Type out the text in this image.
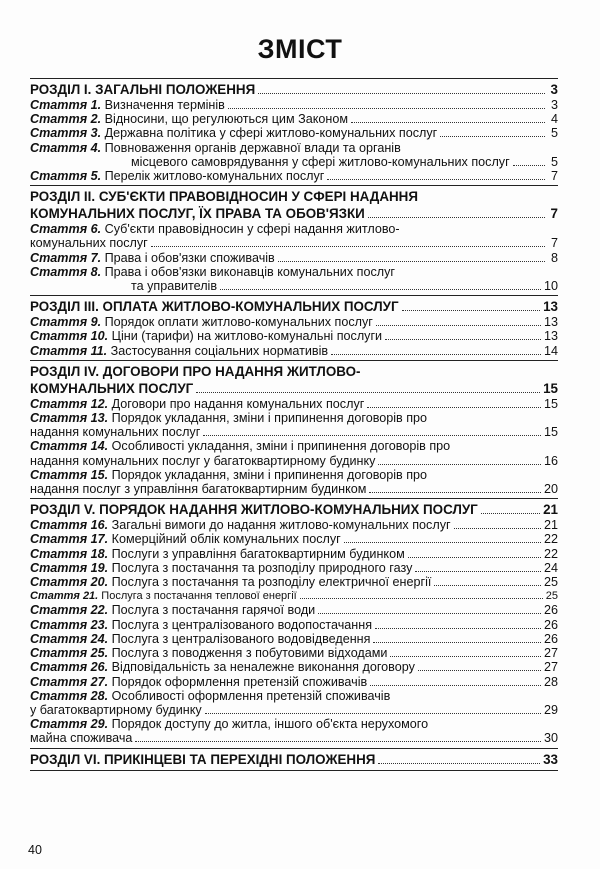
ЗМІСТ
РОЗДІЛ І. ЗАГАЛЬНІ ПОЛОЖЕННЯ	3
Стаття 1. Визначення термінів	3
Стаття 2. Відносини, що регулюються цим Законом	4
Стаття 3. Державна політика у сфері житлово-комунальних послуг	5
Стаття 4. Повноваження органів державної влади та органів
місцевого самоврядування у сфері житлово-комунальних послуг	5
Стаття 5. Перелік житлово-комунальних послуг	7
РОЗДІЛ ІІ. СУБ'ЄКТИ ПРАВОВІДНОСИН У СФЕРІ НАДАННЯ
КОМУНАЛЬНИХ ПОСЛУГ, ЇХ ПРАВА ТА ОБОВ'ЯЗКИ	7
Стаття 6. Суб'єкти правовідносин у сфері надання житлово-
комунальних послуг	7
Стаття 7. Права і обов'язки споживачів	8
Стаття 8. Права і обов'язки виконавців комунальних послуг
та управителів	10
РОЗДІЛ ІІІ. ОПЛАТА ЖИТЛОВО-КОМУНАЛЬНИХ ПОСЛУГ	13
Стаття 9. Порядок оплати житлово-комунальних послуг	13
Стаття 10. Ціни (тарифи) на житлово-комунальні послуги	13
Стаття 11. Застосування соціальних нормативів	14
РОЗДІЛ IV. ДОГОВОРИ ПРО НАДАННЯ ЖИТЛОВО-
КОМУНАЛЬНИХ ПОСЛУГ	15
Стаття 12. Договори про надання комунальних послуг	15
Стаття 13. Порядок укладання, зміни і припинення договорів про
надання комунальних послуг	15
Стаття 14. Особливості укладання, зміни і припинення договорів про
надання комунальних послуг у багатоквартирному будинку	16
Стаття 15. Порядок укладання, зміни і припинення договорів про
надання послуг з управління багатоквартирним будинком	20
РОЗДІЛ V. ПОРЯДОК НАДАННЯ ЖИТЛОВО-КОМУНАЛЬНИХ ПОСЛУГ	21
Стаття 16. Загальні вимоги до надання житлово-комунальних послуг	21
Стаття 17. Комерційний облік комунальних послуг	22
Стаття 18. Послуги з управління багатоквартирним будинком	22
Стаття 19. Послуга з постачання та розподілу природного газу	24
Стаття 20. Послуга з постачання та розподілу електричної енергії	25
Стаття 21. Послуга з постачання теплової енергії	25
Стаття 22. Послуга з постачання гарячої води	26
Стаття 23. Послуга з централізованого водопостачання	26
Стаття 24. Послуга з централізованого водовідведення	26
Стаття 25. Послуга з поводження з побутовими відходами	27
Стаття 26. Відповідальність за неналежне виконання договору	27
Стаття 27. Порядок оформлення претензій споживачів	28
Стаття 28. Особливості оформлення претензій споживачів
у багатоквартирному будинку	29
Стаття 29. Порядок доступу до житла, іншого об'єкта нерухомого
майна споживача	30
РОЗДІЛ VI. ПРИКІНЦЕВІ ТА ПЕРЕХІДНІ ПОЛОЖЕННЯ	33
40
